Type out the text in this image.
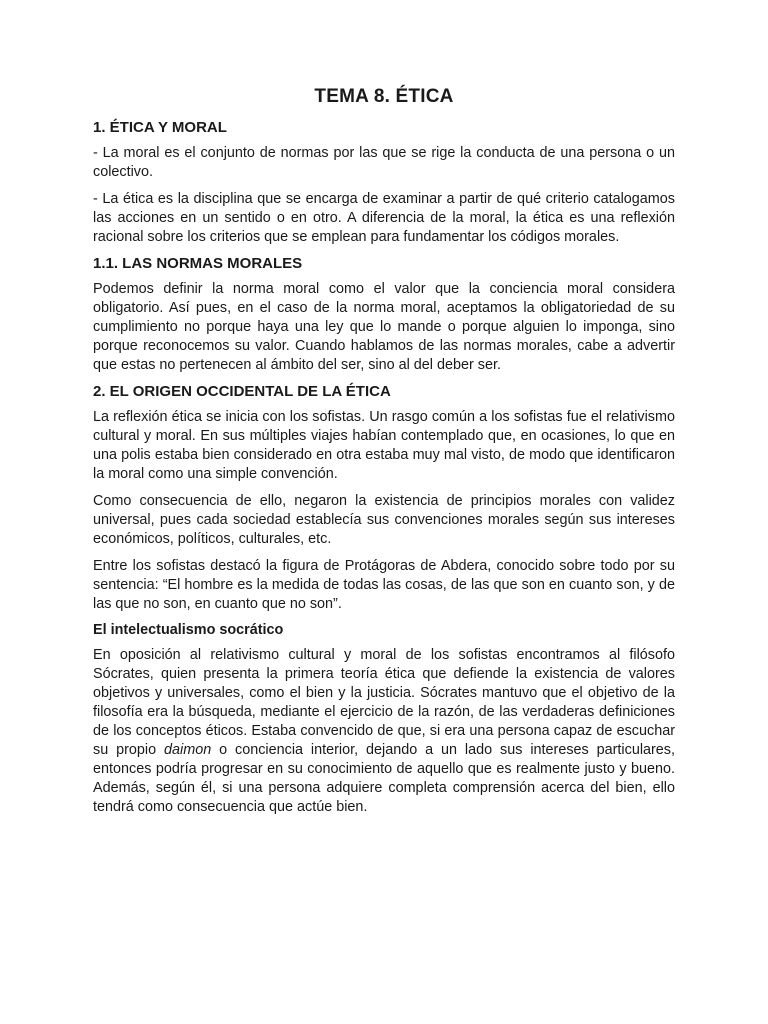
TEMA 8. ÉTICA
1. ÉTICA Y MORAL

- La moral es el conjunto de normas por las que se rige la conducta de una persona o un colectivo.

- La ética es la disciplina que se encarga de examinar a partir de qué criterio catalogamos las acciones en un sentido o en otro. A diferencia de la moral, la ética es una reflexión racional sobre los criterios que se emplean para fundamentar los códigos morales.

1.1. LAS NORMAS MORALES

Podemos definir la norma moral como el valor que la conciencia moral considera obligatorio. Así pues, en el caso de la norma moral, aceptamos la obligatoriedad de su cumplimiento no porque haya una ley que lo mande o porque alguien lo imponga, sino porque reconocemos su valor. Cuando hablamos de las normas morales, cabe a advertir que estas no pertenecen al ámbito del ser, sino al del deber ser.

2. EL ORIGEN OCCIDENTAL DE LA ÉTICA

La reflexión ética se inicia con los sofistas. Un rasgo común a los sofistas fue el relativismo cultural y moral. En sus múltiples viajes habían contemplado que, en ocasiones, lo que en una polis estaba bien considerado en otra estaba muy mal visto, de modo que identificaron la moral como una simple convención.

Como consecuencia de ello, negaron la existencia de principios morales con validez universal, pues cada sociedad establecía sus convenciones morales según sus intereses económicos, políticos, culturales, etc.

Entre los sofistas destacó la figura de Protágoras de Abdera, conocido sobre todo por su sentencia: “El hombre es la medida de todas las cosas, de las que son en cuanto son, y de las que no son, en cuanto que no son”.

El intelectualismo socrático

En oposición al relativismo cultural y moral de los sofistas encontramos al filósofo Sócrates, quien presenta la primera teoría ética que defiende la existencia de valores objetivos y universales, como el bien y la justicia. Sócrates mantuvo que el objetivo de la filosofía era la búsqueda, mediante el ejercicio de la razón, de las verdaderas definiciones de los conceptos éticos. Estaba convencido de que, si era una persona capaz de escuchar su propio daimon o conciencia interior, dejando a un lado sus intereses particulares, entonces podría progresar en su conocimiento de aquello que es realmente justo y bueno. Además, según él, si una persona adquiere completa comprensión acerca del bien, ello tendrá como consecuencia que actúe bien.
